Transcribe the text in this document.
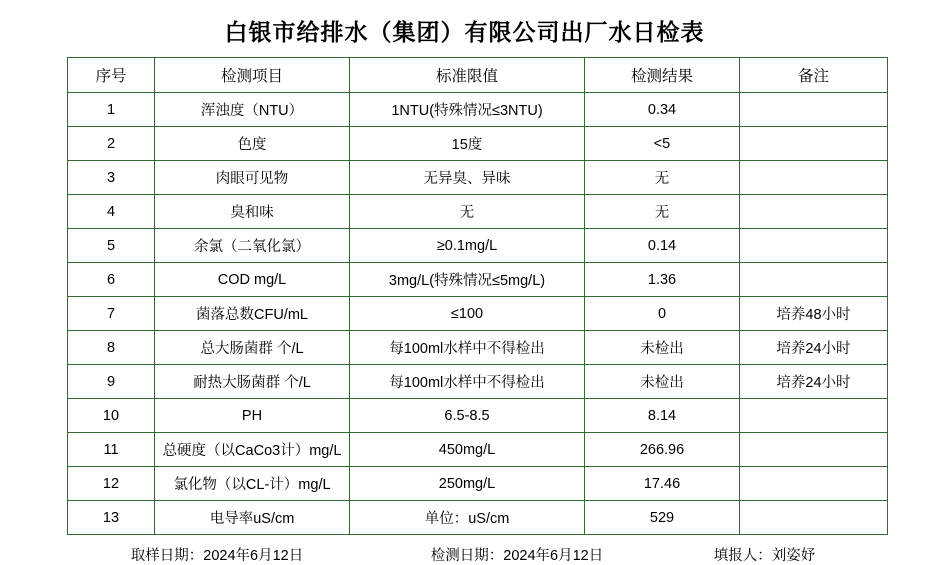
白银市给排水（集团）有限公司出厂水日检表
序号	检测项目	标准限值	检测结果	备注
1	浑浊度（NTU）	1NTU(特殊情况≤3NTU)	0.34	
2	色度	15度	<5	
3	肉眼可见物	无异臭、异味	无	
4	臭和味	无	无	
5	余氯（二氧化氯）	≥0.1mg/L	0.14	
6	COD mg/L	3mg/L(特殊情况≤5mg/L)	1.36	
7	菌落总数CFU/mL	≤100	0	培养48小时
8	总大肠菌群 个/L	每100ml水样中不得检出	未检出	培养24小时
9	耐热大肠菌群 个/L	每100ml水样中不得检出	未检出	培养24小时
10	PH	6.5-8.5	8.14	
11	总硬度（以CaCo3计）mg/L	450mg/L	266.96	
12	氯化物（以CL-计）mg/L	250mg/L	17.46	
13	电导率uS/cm	单位：uS/cm	529	
取样日期：2024年6月12日	检测日期：2024年6月12日	填报人：刘姿妤
